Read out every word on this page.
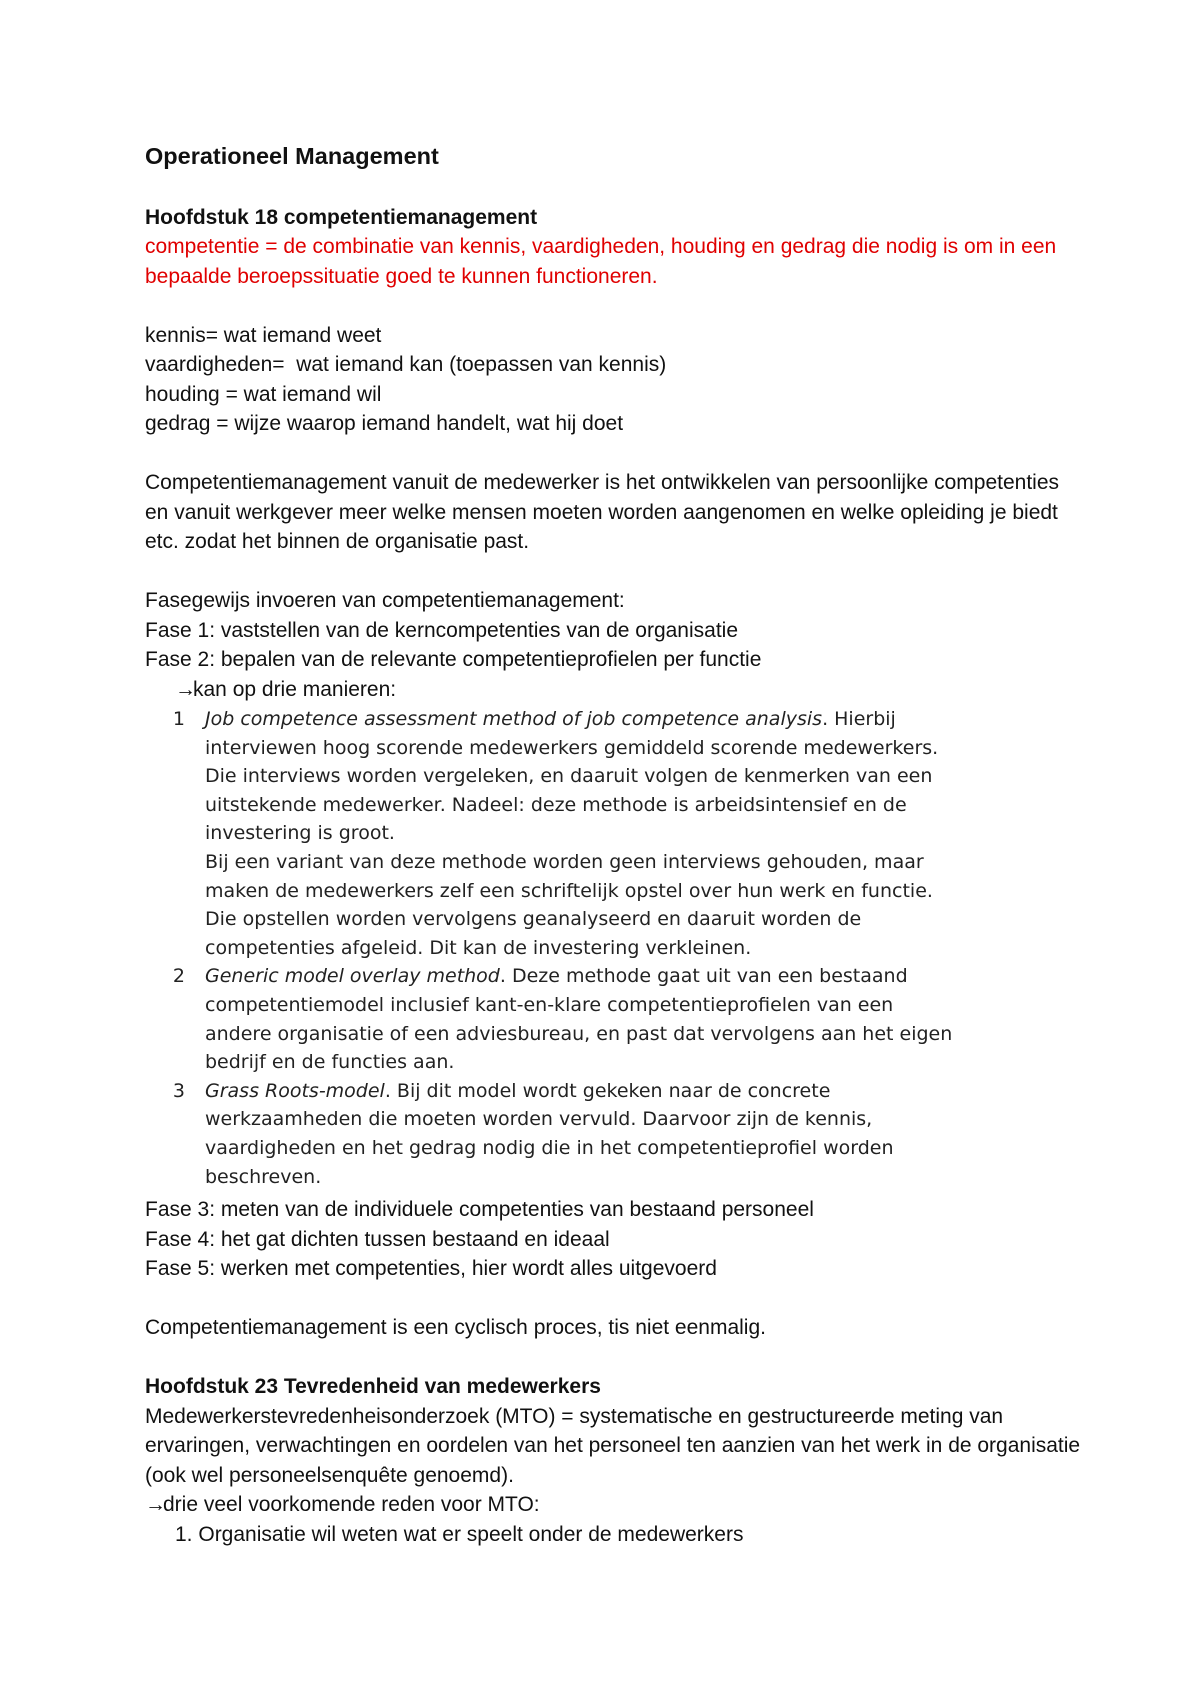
Operationeel Management

Hoofdstuk 18 competentiemanagement

competentie = de combinatie van kennis, vaardigheden, houding en gedrag die nodig is om in een bepaalde beroepssituatie goed te kunnen functioneren.

kennis= wat iemand weet

vaardigheden=  wat iemand kan (toepassen van kennis)

houding = wat iemand wil

gedrag = wijze waarop iemand handelt, wat hij doet

Competentiemanagement vanuit de medewerker is het ontwikkelen van persoonlijke competenties en vanuit werkgever meer welke mensen moeten worden aangenomen en welke opleiding je biedt etc. zodat het binnen de organisatie past.

Fasegewijs invoeren van competentiemanagement:

Fase 1: vaststellen van de kerncompetenties van de organisatie

Fase 2: bepalen van de relevante competentieprofielen per functie

→kan op drie manieren:

1	Job competence assessment method of job competence analysis. Hierbij interviewen hoog scorende medewerkers gemiddeld scorende medewerkers. Die interviews worden vergeleken, en daaruit volgen de kenmerken van een uitstekende medewerker. Nadeel: deze methode is arbeidsintensief en de investering is groot.
Bij een variant van deze methode worden geen interviews gehouden, maar maken de medewerkers zelf een schriftelijk opstel over hun werk en functie. Die opstellen worden vervolgens geanalyseerd en daaruit worden de competenties afgeleid. Dit kan de investering verkleinen.
2	Generic model overlay method. Deze methode gaat uit van een bestaand competentiemodel inclusief kant-en-klare competentieprofielen van een andere organisatie of een adviesbureau, en past dat vervolgens aan het eigen bedrijf en de functies aan.
3	Grass Roots-model. Bij dit model wordt gekeken naar de concrete werkzaamheden die moeten worden vervuld. Daarvoor zijn de kennis, vaardigheden en het gedrag nodig die in het competentieprofiel worden beschreven.

Fase 3: meten van de individuele competenties van bestaand personeel

Fase 4: het gat dichten tussen bestaand en ideaal

Fase 5: werken met competenties, hier wordt alles uitgevoerd

Competentiemanagement is een cyclisch proces, tis niet eenmalig.

Hoofdstuk 23 Tevredenheid van medewerkers

Medewerkerstevredenheisonderzoek (MTO) = systematische en gestructureerde meting van ervaringen, verwachtingen en oordelen van het personeel ten aanzien van het werk in de organisatie (ook wel personeelsenquête genoemd).

→drie veel voorkomende reden voor MTO:

1. Organisatie wil weten wat er speelt onder de medewerkers
